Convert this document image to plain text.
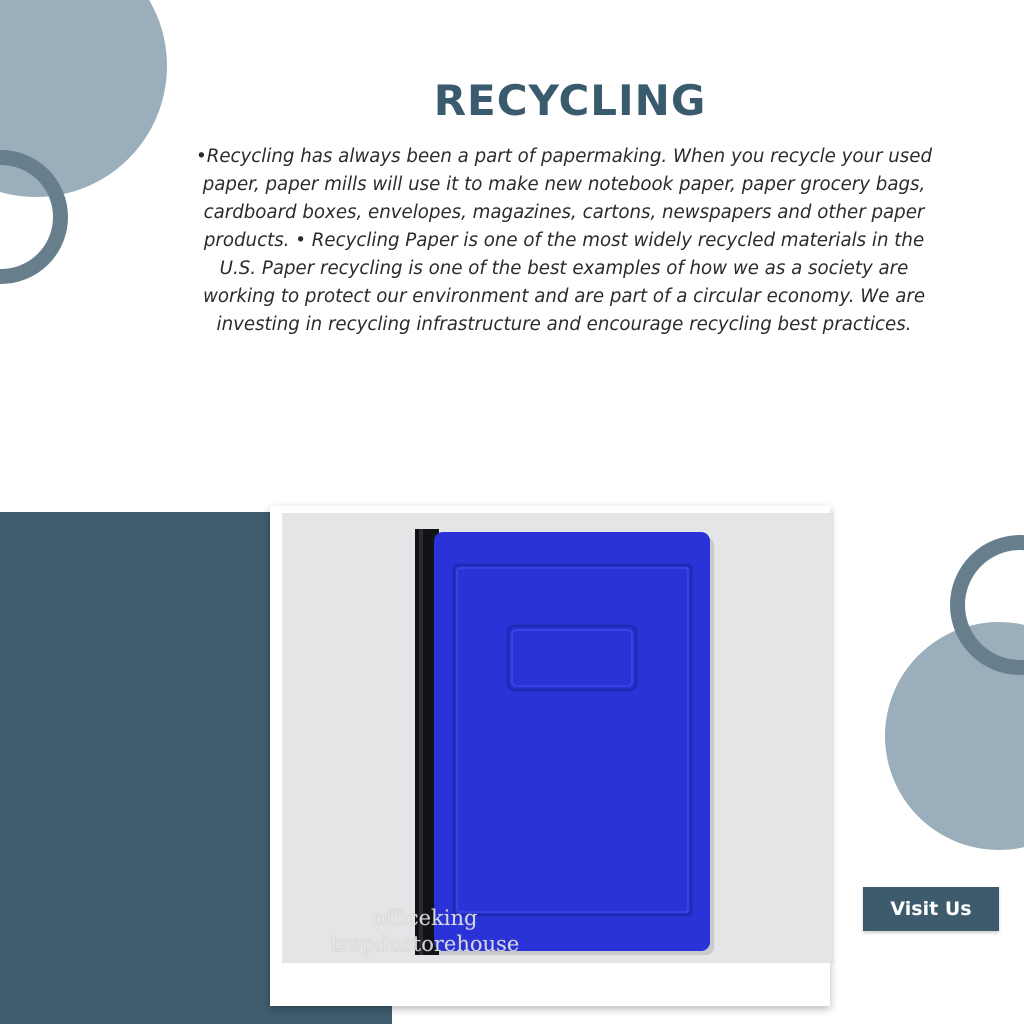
RECYCLING

•Recycling has always been a part of papermaking. When you recycle your used paper, paper mills will use it to make new notebook paper, paper grocery bags, cardboard boxes, envelopes, magazines, cartons, newspapers and other paper products. • Recycling Paper is one of the most widely recycled materials in the U.S. Paper recycling is one of the best examples of how we as a society are working to protect our environment and are part of a circular economy. We are investing in recycling infrastructure and encourage recycling best practices.

officeking
trepdustorehouse
Visit Us
